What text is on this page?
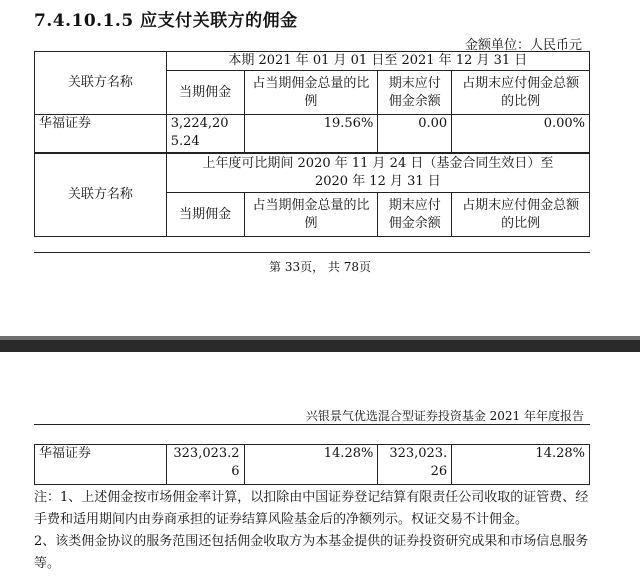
7.4.10.1.5 应支付关联方的佣金
金额单位：人民币元
关联方名称	本期 2021 年 01 月 01 日至 2021 年 12 月 31 日			
	当期佣金	占当期佣金总量的比例	期末应付佣金余额	占期末应付佣金总额的比例
华福证券	3,224,205.24	19.56%	0.00	0.00%
关联方名称	上年度可比期间 2020 年 11 月 24 日（基金合同生效日）至 2020 年 12 月 31 日			
	当期佣金	占当期佣金总量的比例	期末应付佣金余额	占期末应付佣金总额的比例
第 33页， 共 78页
兴银景气优选混合型证券投资基金 2021 年年度报告
华福证券	323,023.26	14.28%	323,023.26	14.28%

注：1、上述佣金按市场佣金率计算，以扣除由中国证券登记结算有限责任公司收取的证管费、经手费和适用期间内由券商承担的证券结算风险基金后的净额列示。权证交易不计佣金。

2、该类佣金协议的服务范围还包括佣金收取方为本基金提供的证券投资研究成果和市场信息服务等。
